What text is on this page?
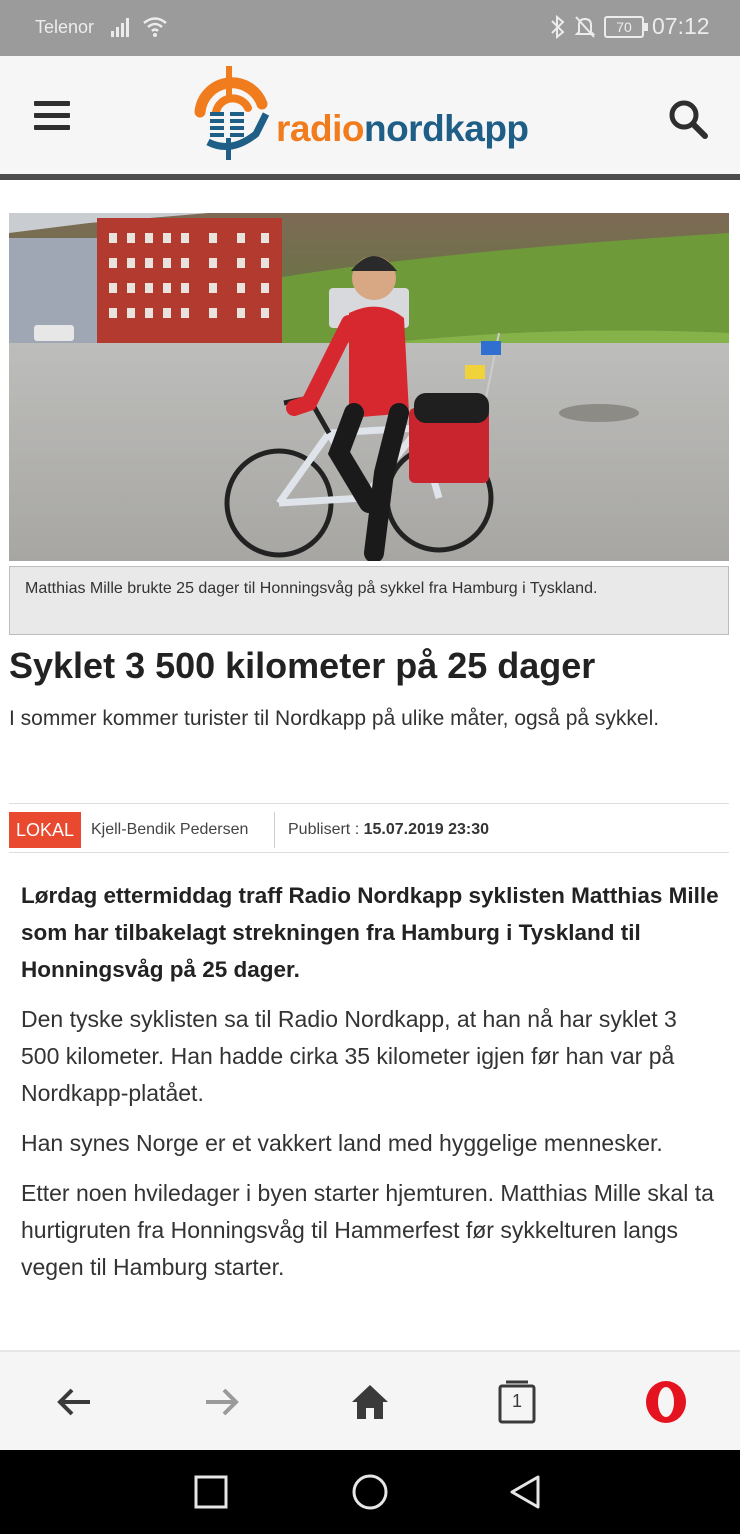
Telenor	70 07:12
radionordkapp
Matthias Mille brukte 25 dager til Honningsvåg på sykkel fra Hamburg i Tyskland.
Syklet 3 500 kilometer på 25 dager

I sommer kommer turister til Nordkapp på ulike måter, også på sykkel.

LOKAL	Kjell-Bendik Pedersen Publisert : 15.07.2019 23:30

Lørdag ettermiddag traff Radio Nordkapp syklisten Matthias Mille som har tilbakelagt strekningen fra Hamburg i Tyskland til Honningsvåg på 25 dager.

Den tyske syklisten sa til Radio Nordkapp, at han nå har syklet 3 500 kilometer. Han hadde cirka 35 kilometer igjen før han var på Nordkapp-platået.

Han synes Norge er et vakkert land med hyggelige mennesker.

Etter noen hviledager i byen starter hjemturen. Matthias Mille skal ta hurtigruten fra Honningsvåg til Hammerfest før sykkelturen langs vegen til Hamburg starter.

1
